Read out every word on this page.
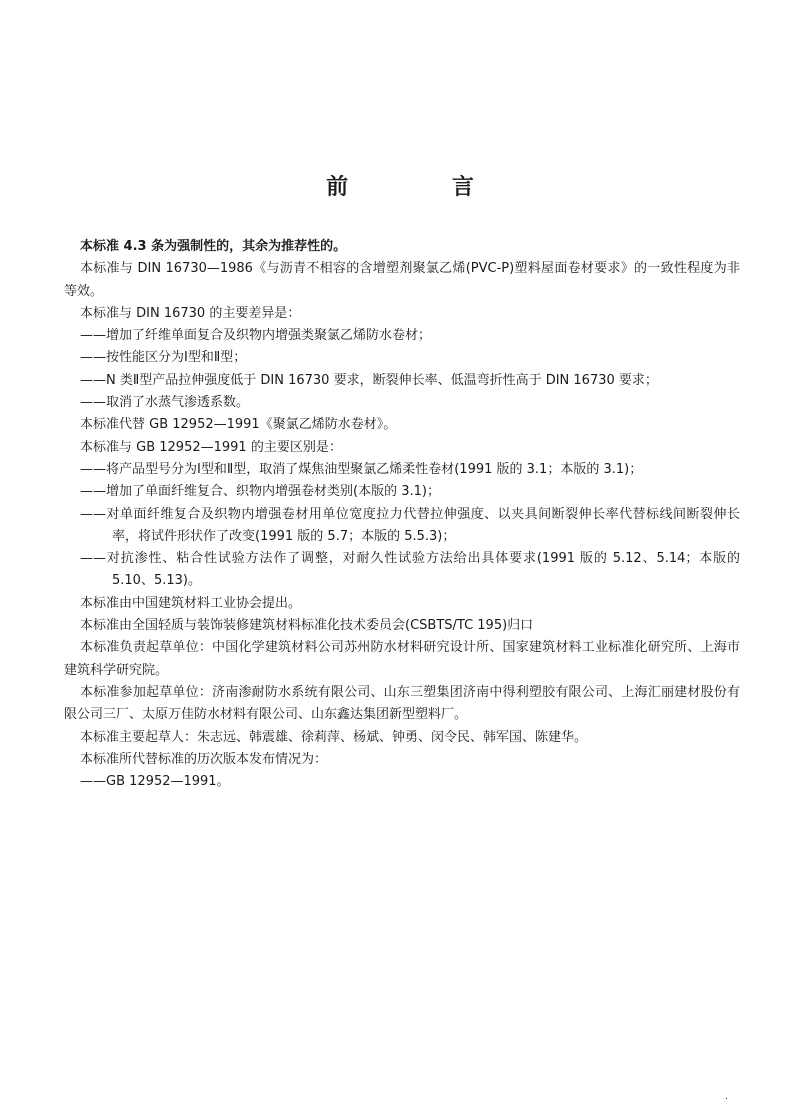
前 言

本标准 4.3 条为强制性的，其余为推荐性的。

本标准与 DIN 16730—1986《与沥青不相容的含增塑剂聚氯乙烯(PVC-P)塑料屋面卷材要求》的一致性程度为非等效。

本标准与 DIN 16730 的主要差异是：

——增加了纤维单面复合及织物内增强类聚氯乙烯防水卷材；

——按性能区分为Ⅰ型和Ⅱ型；

——N 类Ⅱ型产品拉伸强度低于 DIN 16730 要求，断裂伸长率、低温弯折性高于 DIN 16730 要求；

——取消了水蒸气渗透系数。

本标准代替 GB 12952—1991《聚氯乙烯防水卷材》。

本标准与 GB 12952—1991 的主要区别是：

——将产品型号分为Ⅰ型和Ⅱ型，取消了煤焦油型聚氯乙烯柔性卷材(1991 版的 3.1；本版的 3.1)；

——增加了单面纤维复合、织物内增强卷材类别(本版的 3.1)；

——对单面纤维复合及织物内增强卷材用单位宽度拉力代替拉伸强度、以夹具间断裂伸长率代替标线间断裂伸长率，将试件形状作了改变(1991 版的 5.7；本版的 5.5.3)；

——对抗渗性、粘合性试验方法作了调整，对耐久性试验方法给出具体要求(1991 版的 5.12、5.14；本版的 5.10、5.13)。

本标准由中国建筑材料工业协会提出。

本标准由全国轻质与装饰装修建筑材料标准化技术委员会(CSBTS/TC 195)归口

本标准负责起草单位：中国化学建筑材料公司苏州防水材料研究设计所、国家建筑材料工业标准化研究所、上海市建筑科学研究院。

本标准参加起草单位：济南渗耐防水系统有限公司、山东三塑集团济南中得利塑胶有限公司、上海汇丽建材股份有限公司三厂、太原万佳防水材料有限公司、山东鑫达集团新型塑料厂。

本标准主要起草人：朱志远、韩震雄、徐莉萍、杨斌、钟勇、闵令民、韩军国、陈建华。

本标准所代替标准的历次版本发布情况为：

——GB 12952—1991。

·
